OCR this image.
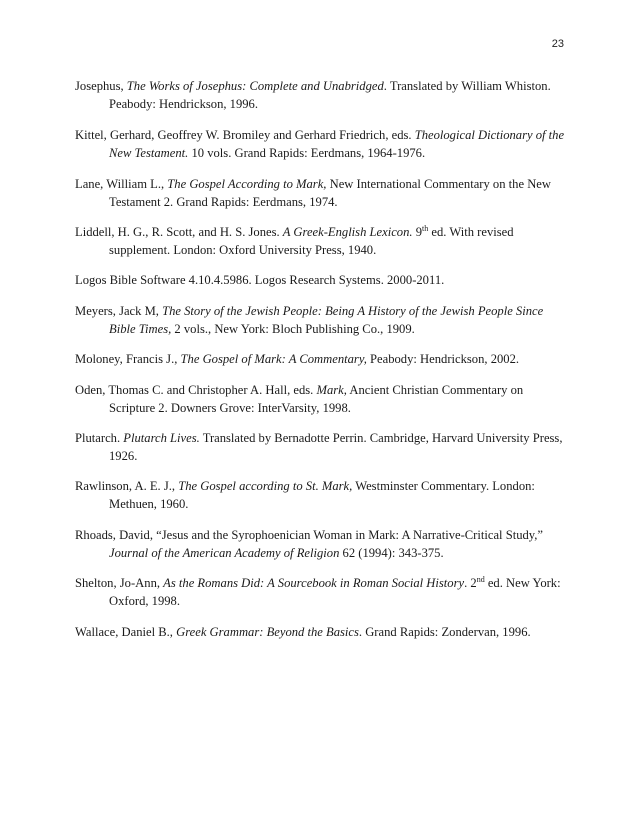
23

Josephus, The Works of Josephus: Complete and Unabridged. Translated by William Whiston. Peabody: Hendrickson, 1996.

Kittel, Gerhard, Geoffrey W. Bromiley and Gerhard Friedrich, eds. Theological Dictionary of the New Testament. 10 vols. Grand Rapids: Eerdmans, 1964-1976.

Lane, William L., The Gospel According to Mark, New International Commentary on the New Testament 2. Grand Rapids: Eerdmans, 1974.

Liddell, H. G., R. Scott, and H. S. Jones. A Greek-English Lexicon. 9th ed. With revised supplement. London: Oxford University Press, 1940.

Logos Bible Software 4.10.4.5986. Logos Research Systems. 2000-2011.

Meyers, Jack M, The Story of the Jewish People: Being A History of the Jewish People Since Bible Times, 2 vols., New York: Bloch Publishing Co., 1909.

Moloney, Francis J., The Gospel of Mark: A Commentary, Peabody: Hendrickson, 2002.

Oden, Thomas C. and Christopher A. Hall, eds. Mark, Ancient Christian Commentary on Scripture 2. Downers Grove: InterVarsity, 1998.

Plutarch. Plutarch Lives. Translated by Bernadotte Perrin. Cambridge, Harvard University Press, 1926.

Rawlinson, A. E. J., The Gospel according to St. Mark, Westminster Commentary. London: Methuen, 1960.

Rhoads, David, “Jesus and the Syrophoenician Woman in Mark: A Narrative-Critical Study,” Journal of the American Academy of Religion 62 (1994): 343-375.

Shelton, Jo-Ann, As the Romans Did: A Sourcebook in Roman Social History. 2nd ed. New York: Oxford, 1998.

Wallace, Daniel B., Greek Grammar: Beyond the Basics. Grand Rapids: Zondervan, 1996.
